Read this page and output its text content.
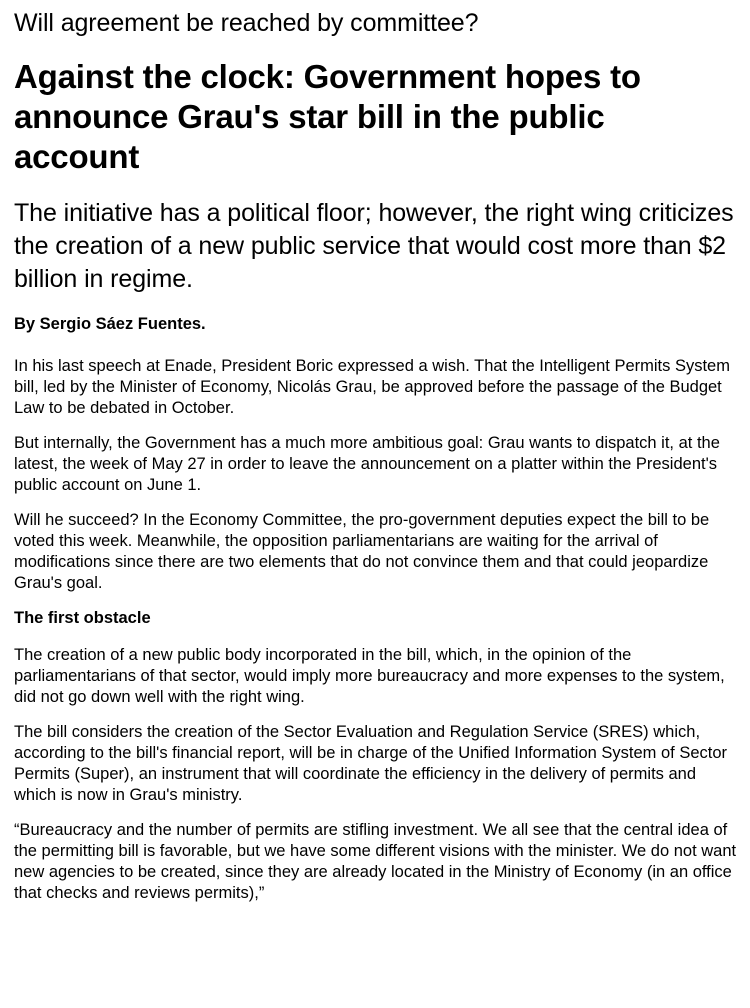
Will agreement be reached by committee?
Against the clock: Government hopes to announce Grau's star bill in the public account
The initiative has a political floor; however, the right wing criticizes the creation of a new public service that would cost more than $2 billion in regime.
By Sergio Sáez Fuentes.

In his last speech at Enade, President Boric expressed a wish. That the Intelligent Permits System bill, led by the Minister of Economy, Nicolás Grau, be approved before the passage of the Budget Law to be debated in October.

But internally, the Government has a much more ambitious goal: Grau wants to dispatch it, at the latest, the week of May 27 in order to leave the announcement on a platter within the President's public account on June 1.

Will he succeed? In the Economy Committee, the pro-government deputies expect the bill to be voted this week. Meanwhile, the opposition parliamentarians are waiting for the arrival of modifications since there are two elements that do not convince them and that could jeopardize Grau's goal.

The first obstacle

The creation of a new public body incorporated in the bill, which, in the opinion of the parliamentarians of that sector, would imply more bureaucracy and more expenses to the system, did not go down well with the right wing.

The bill considers the creation of the Sector Evaluation and Regulation Service (SRES) which, according to the bill's financial report, will be in charge of the Unified Information System of Sector Permits (Super), an instrument that will coordinate the efficiency in the delivery of permits and which is now in Grau's ministry.

“Bureaucracy and the number of permits are stifling investment. We all see that the central idea of the permitting bill is favorable, but we have some different visions with the minister. We do not want new agencies to be created, since they are already located in the Ministry of Economy (in an office that checks and reviews permits),”
